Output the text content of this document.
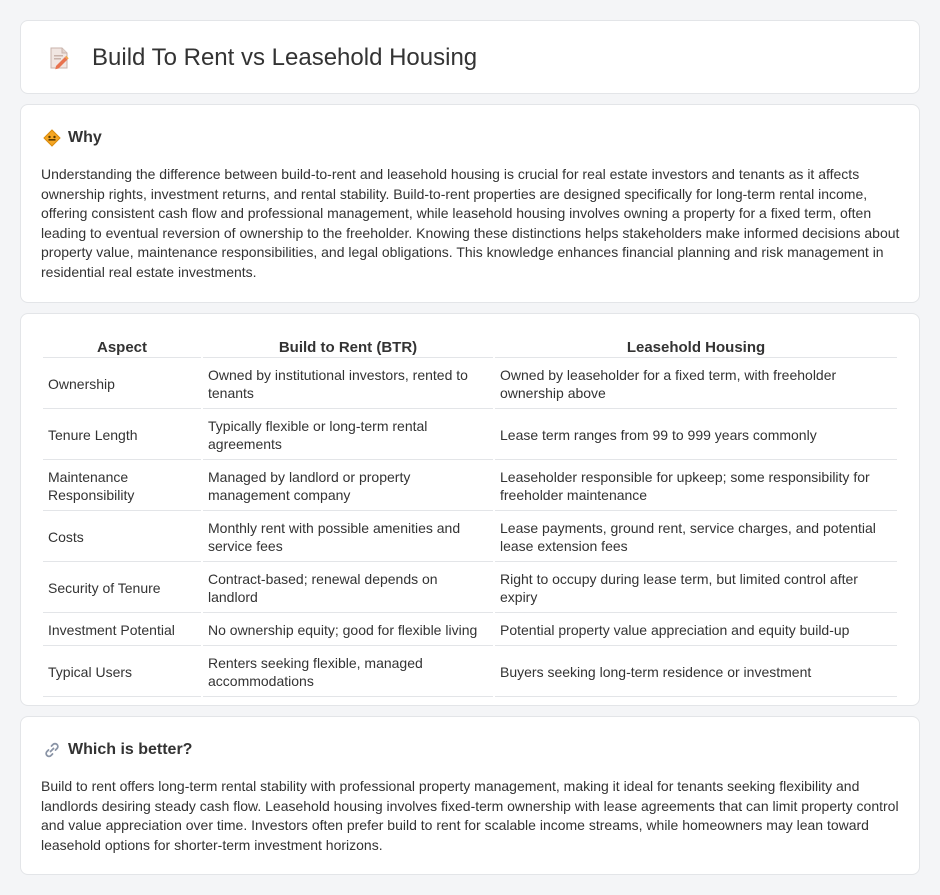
Build To Rent vs Leasehold Housing
Why

Understanding the difference between build-to-rent and leasehold housing is crucial for real estate investors and tenants as it affects ownership rights, investment returns, and rental stability. Build-to-rent properties are designed specifically for long-term rental income, offering consistent cash flow and professional management, while leasehold housing involves owning a property for a fixed term, often leading to eventual reversion of ownership to the freeholder. Knowing these distinctions helps stakeholders make informed decisions about property value, maintenance responsibilities, and legal obligations. This knowledge enhances financial planning and risk management in residential real estate investments.

Aspect	Build to Rent (BTR)	Leasehold Housing
Ownership	Owned by institutional investors, rented to tenants	Owned by leaseholder for a fixed term, with freeholder ownership above
Tenure Length	Typically flexible or long-term rental agreements	Lease term ranges from 99 to 999 years commonly
Maintenance Responsibility	Managed by landlord or property management company	Leaseholder responsible for upkeep; some responsibility for freeholder maintenance
Costs	Monthly rent with possible amenities and service fees	Lease payments, ground rent, service charges, and potential lease extension fees
Security of Tenure	Contract-based; renewal depends on landlord	Right to occupy during lease term, but limited control after expiry
Investment Potential	No ownership equity; good for flexible living	Potential property value appreciation and equity build-up
Typical Users	Renters seeking flexible, managed accommodations	Buyers seeking long-term residence or investment
Which is better?

Build to rent offers long-term rental stability with professional property management, making it ideal for tenants seeking flexibility and landlords desiring steady cash flow. Leasehold housing involves fixed-term ownership with lease agreements that can limit property control and value appreciation over time. Investors often prefer build to rent for scalable income streams, while homeowners may lean toward leasehold options for shorter-term investment horizons.
